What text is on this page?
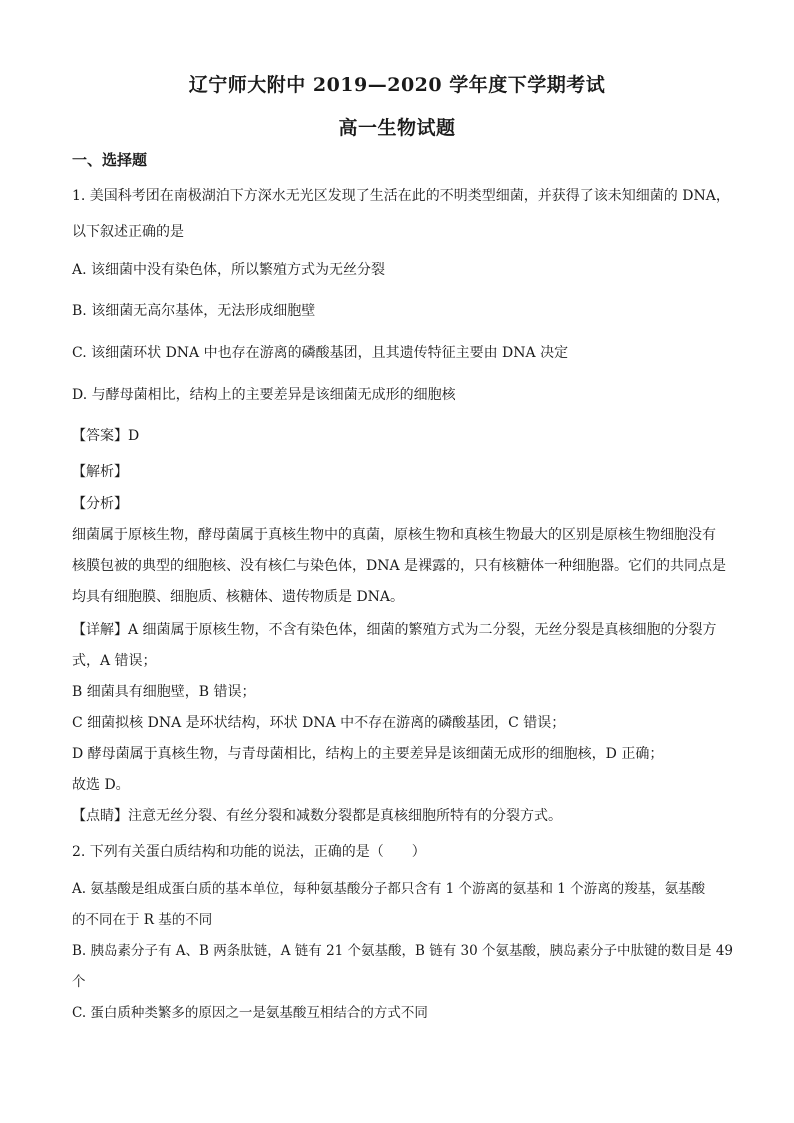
辽宁师大附中 2019—2020 学年度下学期考试
高一生物试题
一、选择题
1. 美国科考团在南极湖泊下方深水无光区发现了生活在此的不明类型细菌，并获得了该未知细菌的 DNA，
以下叙述正确的是
A. 该细菌中没有染色体，所以繁殖方式为无丝分裂
B. 该细菌无高尔基体，无法形成细胞壁
C. 该细菌环状 DNA 中也存在游离的磷酸基团，且其遗传特征主要由 DNA 决定
D. 与酵母菌相比，结构上的主要差异是该细菌无成形的细胞核
【答案】D
【解析】
【分析】
细菌属于原核生物，酵母菌属于真核生物中的真菌，原核生物和真核生物最大的区别是原核生物细胞没有
核膜包被的典型的细胞核、没有核仁与染色体，DNA 是裸露的，只有核糖体一种细胞器。它们的共同点是
均具有细胞膜、细胞质、核糖体、遗传物质是 DNA。
【详解】A 细菌属于原核生物，不含有染色体，细菌的繁殖方式为二分裂，无丝分裂是真核细胞的分裂方
式，A 错误；
B 细菌具有细胞壁，B 错误；
C 细菌拟核 DNA 是环状结构，环状 DNA 中不存在游离的磷酸基团，C 错误；
D 酵母菌属于真核生物，与青母菌相比，结构上的主要差异是该细菌无成形的细胞核，D 正确；
故选 D。
【点睛】注意无丝分裂、有丝分裂和减数分裂都是真核细胞所特有的分裂方式。
2. 下列有关蛋白质结构和功能的说法，正确的是（　　）
A. 氨基酸是组成蛋白质的基本单位，每种氨基酸分子都只含有 1 个游离的氨基和 1 个游离的羧基，氨基酸
的不同在于 R 基的不同
B. 胰岛素分子有 A、B 两条肽链，A 链有 21 个氨基酸，B 链有 30 个氨基酸，胰岛素分子中肽键的数目是 49
个
C. 蛋白质种类繁多的原因之一是氨基酸互相结合的方式不同
